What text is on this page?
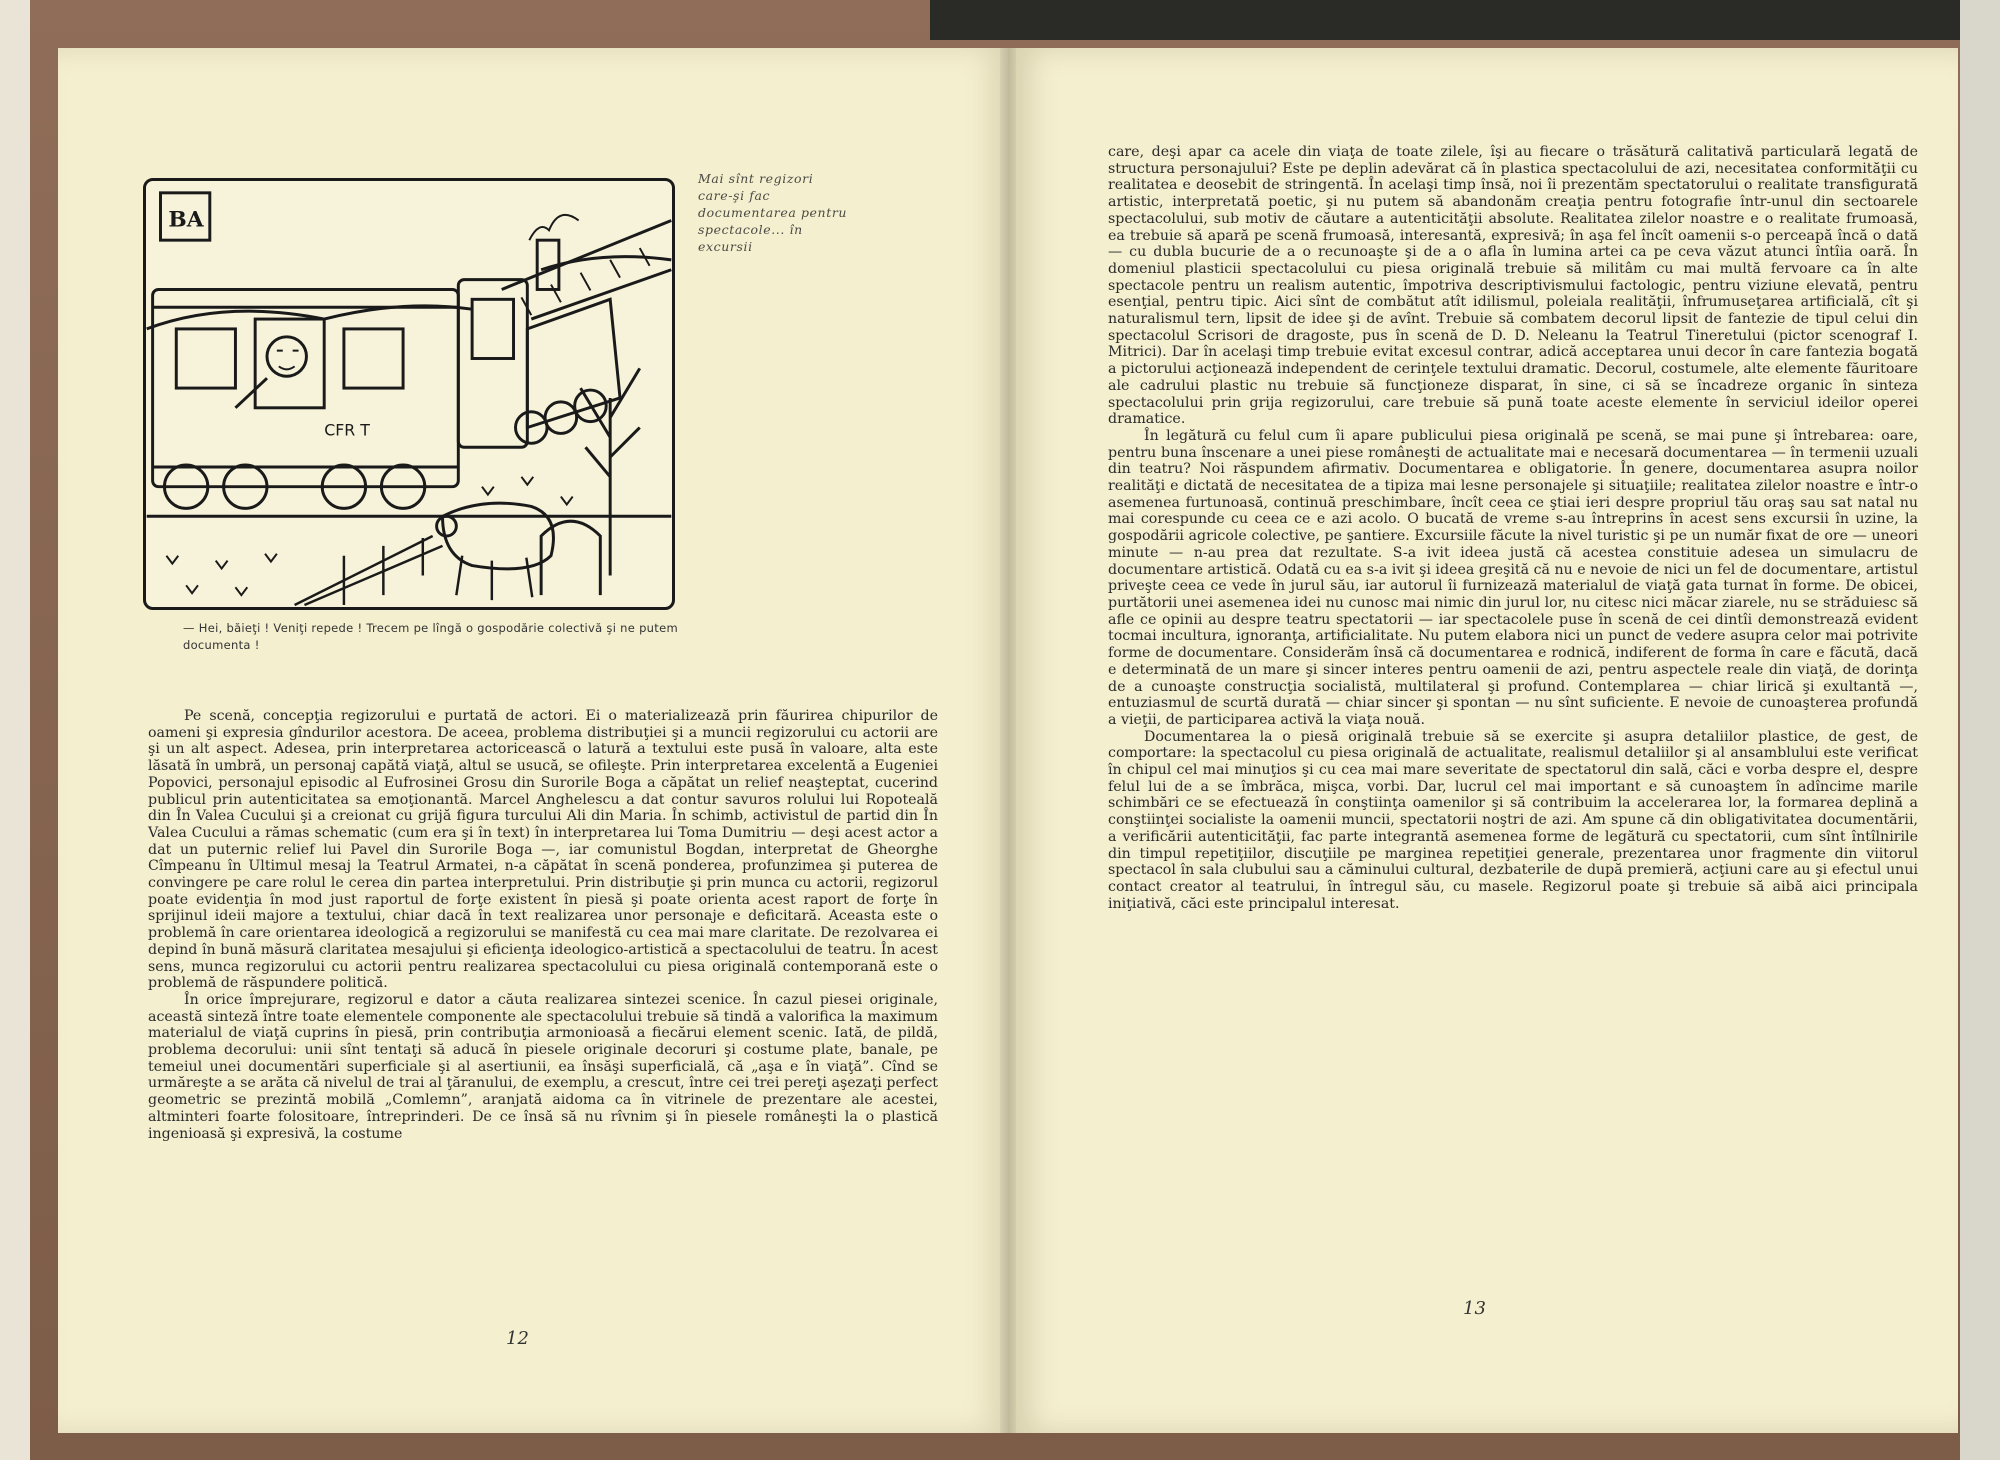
BA
CFR T
Mai sînt regizori care-şi fac documentarea pentru spectacole... în excursii
— Hei, băieţi ! Veniţi repede ! Trecem pe lîngă o gospodărie colectivă şi ne putem documenta !

Pe scenă, concepţia regizorului e purtată de actori. Ei o materializează prin făurirea chipurilor de oameni şi expresia gîndurilor acestora. De aceea, problema distribuţiei şi a muncii regizorului cu actorii are şi un alt aspect. Adesea, prin interpretarea actoricească o latură a textului este pusă în valoare, alta este lăsată în umbră, un personaj capătă viaţă, altul se usucă, se ofileşte. Prin interpretarea excelentă a Eugeniei Popovici, personajul episodic al Eufrosinei Grosu din Surorile Boga a căpătat un relief neaşteptat, cucerind publicul prin autenticitatea sa emoţionantă. Marcel Anghelescu a dat contur savuros rolului lui Ropoteală din În Valea Cucului şi a creionat cu grijă figura turcului Ali din Maria. În schimb, activistul de partid din În Valea Cucului a rămas schematic (cum era şi în text) în interpretarea lui Toma Dumitriu — deşi acest actor a dat un puternic relief lui Pavel din Surorile Boga —, iar comunistul Bogdan, interpretat de Gheorghe Cîmpeanu în Ultimul mesaj la Teatrul Armatei, n-a căpătat în scenă ponderea, profunzimea şi puterea de convingere pe care rolul le cerea din partea interpretului. Prin distribuţie şi prin munca cu actorii, regizorul poate evidenţia în mod just raportul de forţe existent în piesă şi poate orienta acest raport de forţe în sprijinul ideii majore a textului, chiar dacă în text realizarea unor personaje e deficitară. Aceasta este o problemă în care orientarea ideologică a regizorului se manifestă cu cea mai mare claritate. De rezolvarea ei depind în bună măsură claritatea mesajului şi eficienţa ideologico-artistică a spectacolului de teatru. În acest sens, munca regizorului cu actorii pentru realizarea spectacolului cu piesa originală contemporană este o problemă de răspundere politică.

În orice împrejurare, regizorul e dator a căuta realizarea sintezei scenice. În cazul piesei originale, această sinteză între toate elementele componente ale spectacolului trebuie să tindă a valorifica la maximum materialul de viaţă cuprins în piesă, prin contribuţia armonioasă a fiecărui element scenic. Iată, de pildă, problema decorului: unii sînt tentaţi să aducă în piesele originale decoruri şi costume plate, banale, pe temeiul unei documentări superficiale şi al asertiunii, ea însăşi superficială, că „aşa e în viaţă”. Cînd se urmăreşte a se arăta că nivelul de trai al ţăranului, de exemplu, a crescut, între cei trei pereţi aşezaţi perfect geometric se prezintă mobilă „Comlemn”, aranjată aidoma ca în vitrinele de prezentare ale acestei, altminteri foarte folositoare, întreprinderi. De ce însă să nu rîvnim şi în piesele româneşti la o plastică ingenioasă şi expresivă, la costume

12

care, deşi apar ca acele din viaţa de toate zilele, îşi au fiecare o trăsătură calitativă particulară legată de structura personajului? Este pe deplin adevărat că în plastica spectacolului de azi, necesitatea conformităţii cu realitatea e deosebit de stringentă. În acelaşi timp însă, noi îi prezentăm spectatorului o realitate transfigurată artistic, interpretată poetic, şi nu putem să abandonăm creaţia pentru fotografie într-unul din sectoarele spectacolului, sub motiv de căutare a autenticităţii absolute. Realitatea zilelor noastre e o realitate frumoasă, ea trebuie să apară pe scenă frumoasă, interesantă, expresivă; în aşa fel încît oamenii s-o perceapă încă o dată — cu dubla bucurie de a o recunoaşte şi de a o afla în lumina artei ca pe ceva văzut atunci întîia oară. În domeniul plasticii spectacolului cu piesa originală trebuie să militâm cu mai multă fervoare ca în alte spectacole pentru un realism autentic, împotriva descriptivismului factologic, pentru viziune elevată, pentru esenţial, pentru tipic. Aici sînt de combătut atît idilismul, poleiala realităţii, înfrumuseţarea artificială, cît şi naturalismul tern, lipsit de idee şi de avînt. Trebuie să combatem decorul lipsit de fantezie de tipul celui din spectacolul Scrisori de dragoste, pus în scenă de D. D. Neleanu la Teatrul Tineretului (pictor scenograf I. Mitrici). Dar în acelaşi timp trebuie evitat excesul contrar, adică acceptarea unui decor în care fantezia bogată a pictorului acţionează independent de cerinţele textului dramatic. Decorul, costumele, alte elemente făuritoare ale cadrului plastic nu trebuie să funcţioneze disparat, în sine, ci să se încadreze organic în sinteza spectacolului prin grija regizorului, care trebuie să pună toate aceste elemente în serviciul ideilor operei dramatice.

În legătură cu felul cum îi apare publicului piesa originală pe scenă, se mai pune şi întrebarea: oare, pentru buna înscenare a unei piese româneşti de actualitate mai e necesară documentarea — în termenii uzuali din teatru? Noi răspundem afirmativ. Documentarea e obligatorie. În genere, documentarea asupra noilor realităţi e dictată de necesitatea de a tipiza mai lesne personajele şi situaţiile; realitatea zilelor noastre e într-o asemenea furtunoasă, continuă preschimbare, încît ceea ce ştiai ieri despre propriul tău oraş sau sat natal nu mai corespunde cu ceea ce e azi acolo. O bucată de vreme s-au întreprins în acest sens excursii în uzine, la gospodării agricole colective, pe şantiere. Excursiile făcute la nivel turistic şi pe un număr fixat de ore — uneori minute — n-au prea dat rezultate. S-a ivit ideea justă că acestea constituie adesea un simulacru de documentare artistică. Odată cu ea s-a ivit şi ideea greşită că nu e nevoie de nici un fel de documentare, artistul priveşte ceea ce vede în jurul său, iar autorul îi furnizează materialul de viaţă gata turnat în forme. De obicei, purtătorii unei asemenea idei nu cunosc mai nimic din jurul lor, nu citesc nici măcar ziarele, nu se străduiesc să afle ce opinii au despre teatru spectatorii — iar spectacolele puse în scenă de cei dintîi demonstrează evident tocmai incultura, ignoranţa, artificialitate. Nu putem elabora nici un punct de vedere asupra celor mai potrivite forme de documentare. Considerăm însă că documentarea e rodnică, indiferent de forma în care e făcută, dacă e determinată de un mare şi sincer interes pentru oamenii de azi, pentru aspectele reale din viaţă, de dorinţa de a cunoaşte construcţia socialistă, multilateral şi profund. Contemplarea — chiar lirică şi exultantă —, entuziasmul de scurtă durată — chiar sincer şi spontan — nu sînt suficiente. E nevoie de cunoaşterea profundă a vieţii, de participarea activă la viaţa nouă.

Documentarea la o piesă originală trebuie să se exercite şi asupra detaliilor plastice, de gest, de comportare: la spectacolul cu piesa originală de actualitate, realismul detaliilor şi al ansamblului este verificat în chipul cel mai minuţios şi cu cea mai mare severitate de spectatorul din sală, căci e vorba despre el, despre felul lui de a se îmbrăca, mişca, vorbi. Dar, lucrul cel mai important e să cunoaştem în adîncime marile schimbări ce se efectuează în conştiinţa oamenilor şi să contribuim la accelerarea lor, la formarea deplină a conştiinţei socialiste la oamenii muncii, spectatorii noştri de azi. Am spune că din obligativitatea documentării, a verificării autenticităţii, fac parte integrantă asemenea forme de legătură cu spectatorii, cum sînt întîlnirile din timpul repetiţiilor, discuţiile pe marginea repetiţiei generale, prezentarea unor fragmente din viitorul spectacol în sala clubului sau a căminului cultural, dezbaterile de după premieră, acţiuni care au şi efectul unui contact creator al teatrului, în întregul său, cu masele. Regizorul poate şi trebuie să aibă aici principala iniţiativă, căci este principalul interesat.

13
